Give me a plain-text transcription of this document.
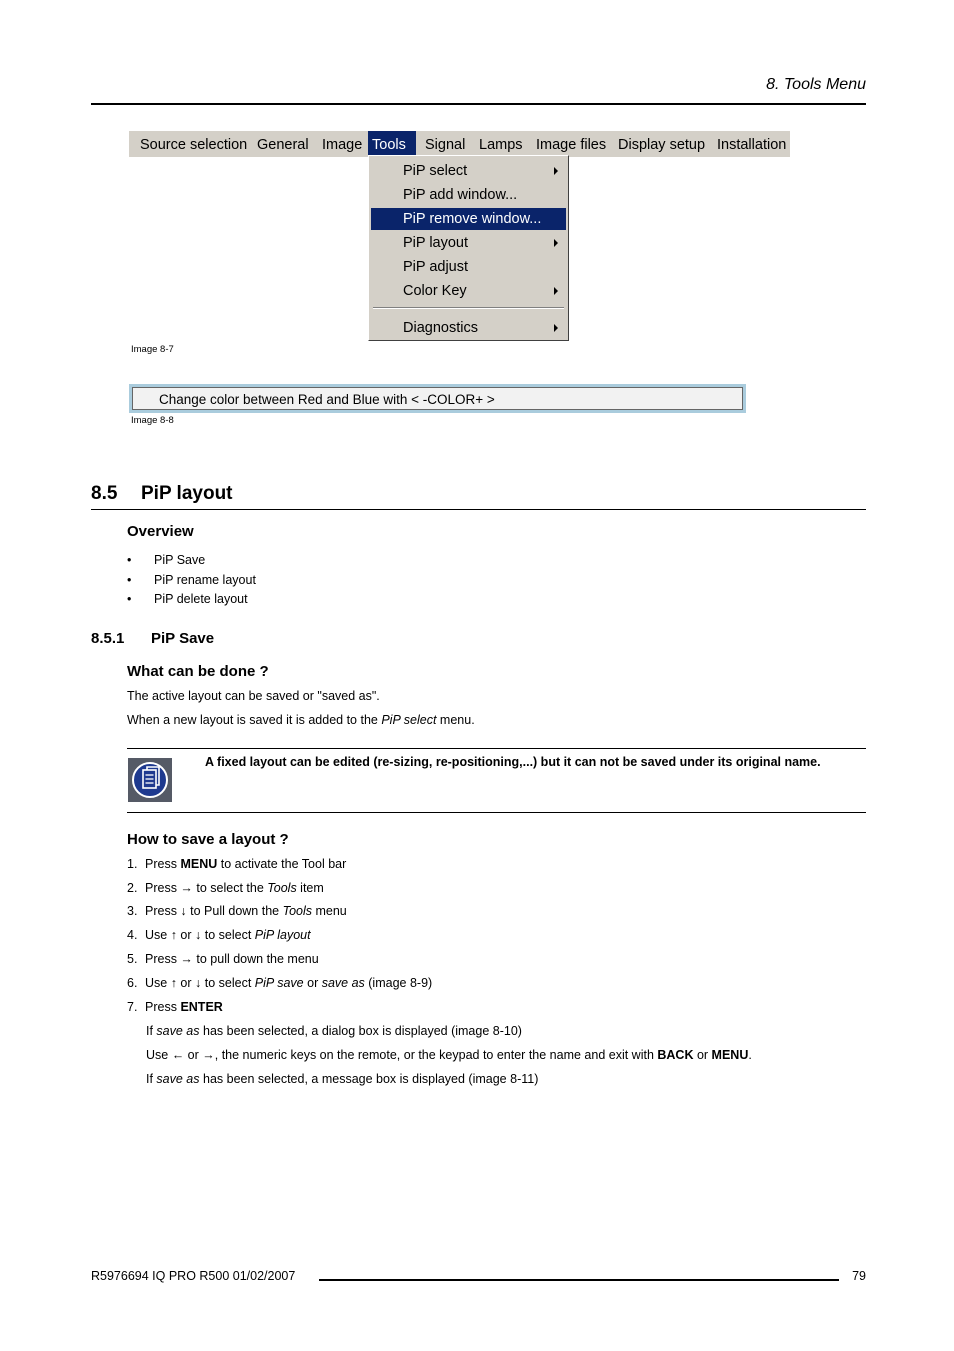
8. Tools Menu
Source selection General Image Tools	Signal Lamps Image files Display setup Installation
PiP select
PiP add window...
PiP remove window...
PiP layout
PiP adjust
Color Key
Diagnostics
Image 8-7
Change color between Red and Blue with < -COLOR+ >
Image 8-8
8.5 PiP layout
Overview
• PiP Save
• PiP rename layout
• PiP delete layout
8.5.1 PiP Save
What can be done ?
The active layout can be saved or "saved as".
When a new layout is saved it is added to the PiP select menu.
A fixed layout can be edited (re-sizing, re-positioning,...) but it can not be saved under its original name.
How to save a layout ?
1. Press MENU to activate the Tool bar
2. Press → to select the Tools item
3. Press ↓ to Pull down the Tools menu
4. Use ↑ or ↓ to select PiP layout
5. Press → to pull down the menu
6. Use ↑ or ↓ to select PiP save or save as (image 8-9)
7. Press ENTER
If save as has been selected, a dialog box is displayed (image 8-10)
Use ← or →, the numeric keys on the remote, or the keypad to enter the name and exit with BACK or MENU.
If save as has been selected, a message box is displayed (image 8-11)
R5976694 IQ PRO R500 01/02/2007	79
